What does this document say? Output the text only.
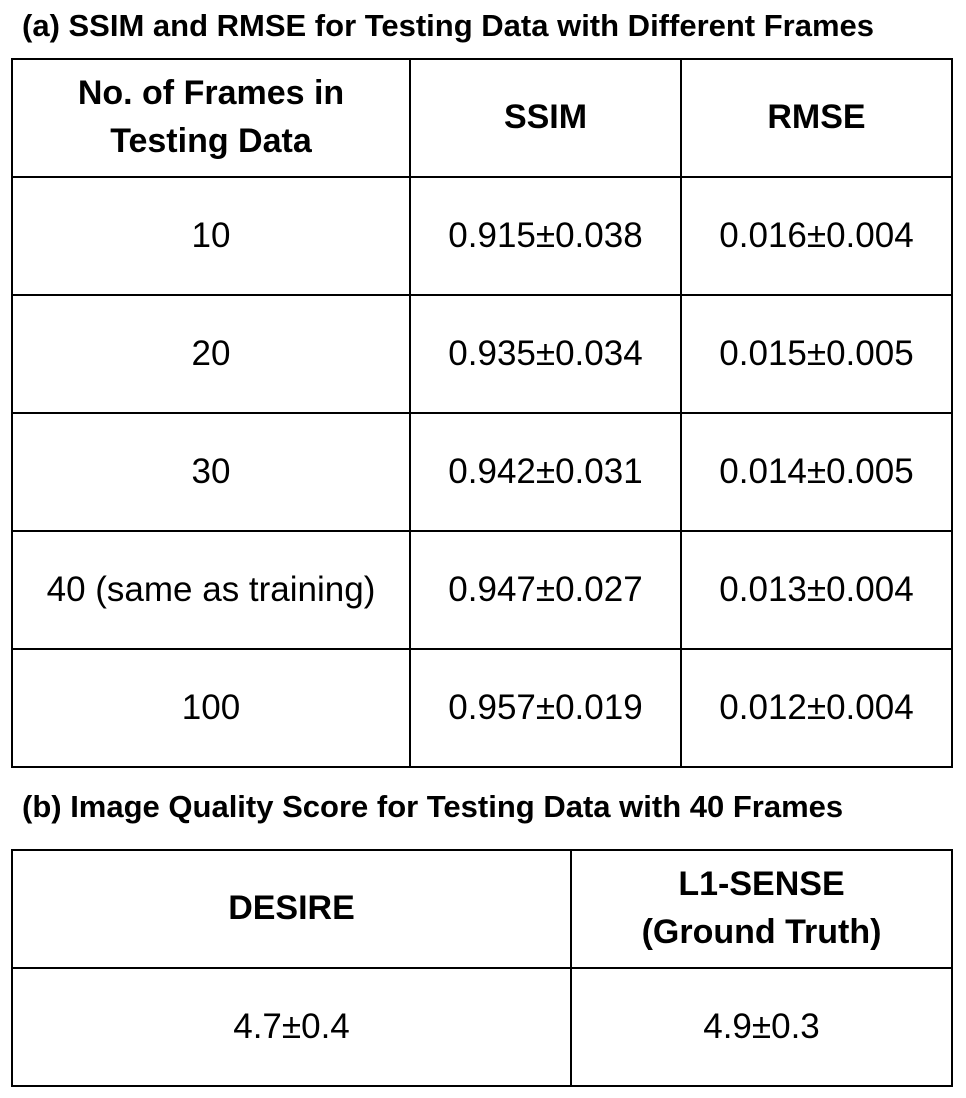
(a) SSIM and RMSE for Testing Data with Different Frames
No. of Frames in
Testing Data	SSIM	RMSE
10	0.915±0.038	0.016±0.004
20	0.935±0.034	0.015±0.005
30	0.942±0.031	0.014±0.005
40 (same as training)	0.947±0.027	0.013±0.004
100	0.957±0.019	0.012±0.004
(b) Image Quality Score for Testing Data with 40 Frames
DESIRE	L1-SENSE
(Ground Truth)
4.7±0.4	4.9±0.3
